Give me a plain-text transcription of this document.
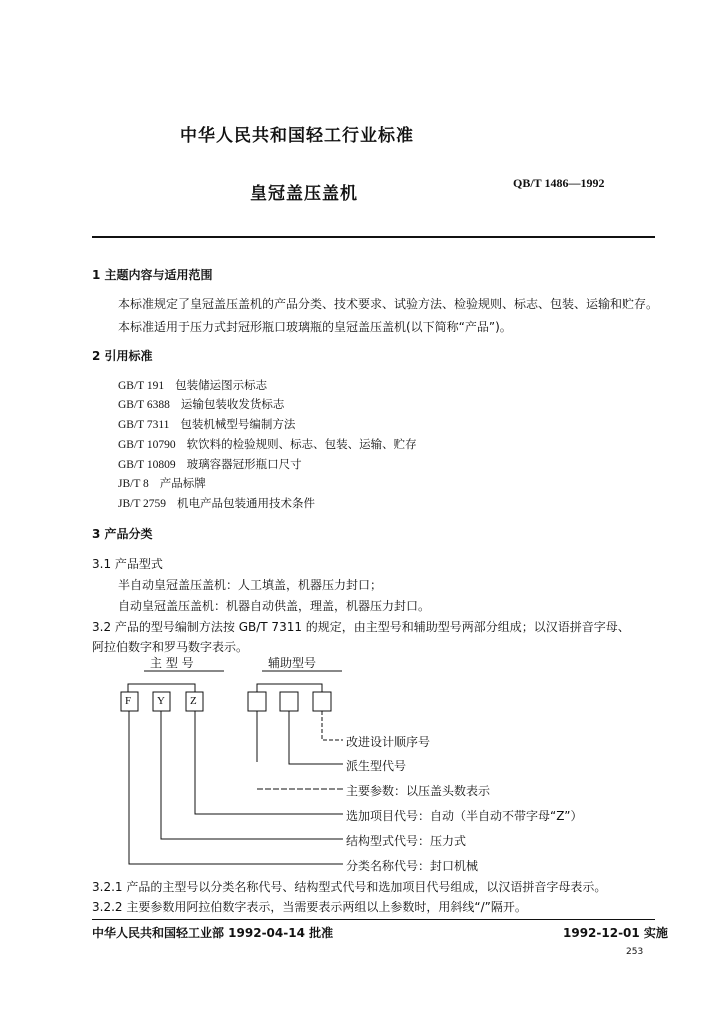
中华人民共和国轻工行业标准
皇冠盖压盖机
QB/T 1486—1992
1 主题内容与适用范围
本标准规定了皇冠盖压盖机的产品分类、技术要求、试验方法、检验规则、标志、包装、运输和贮存。
本标准适用于压力式封冠形瓶口玻璃瓶的皇冠盖压盖机(以下简称“产品”)。
2 引用标准
GB/T 191 包装储运图示标志
GB/T 6388 运输包装收发货标志
GB/T 7311 包装机械型号编制方法
GB/T 10790 软饮料的检验规则、标志、包装、运输、贮存
GB/T 10809 玻璃容器冠形瓶口尺寸
JB/T 8 产品标牌
JB/T 2759 机电产品包装通用技术条件
3 产品分类
3.1 产品型式
半自动皇冠盖压盖机：人工填盖，机器压力封口；
自动皇冠盖压盖机：机器自动供盖，理盖，机器压力封口。
3.2 产品的型号编制方法按 GB/T 7311 的规定，由主型号和辅助型号两部分组成；以汉语拼音字母、
阿拉伯数字和罗马数字表示。
主 型 号	辅助型号
F Y Z
改进设计顺序号
派生型代号
主要参数：以压盖头数表示
选加项目代号：自动（半自动不带字母“Z”）
结构型式代号：压力式
分类名称代号：封口机械
3.2.1 产品的主型号以分类名称代号、结构型式代号和选加项目代号组成，以汉语拼音字母表示。
3.2.2 主要参数用阿拉伯数字表示，当需要表示两组以上参数时，用斜线“/”隔开。
中华人民共和国轻工业部 1992-04-14 批准	1992-12-01 实施
253
